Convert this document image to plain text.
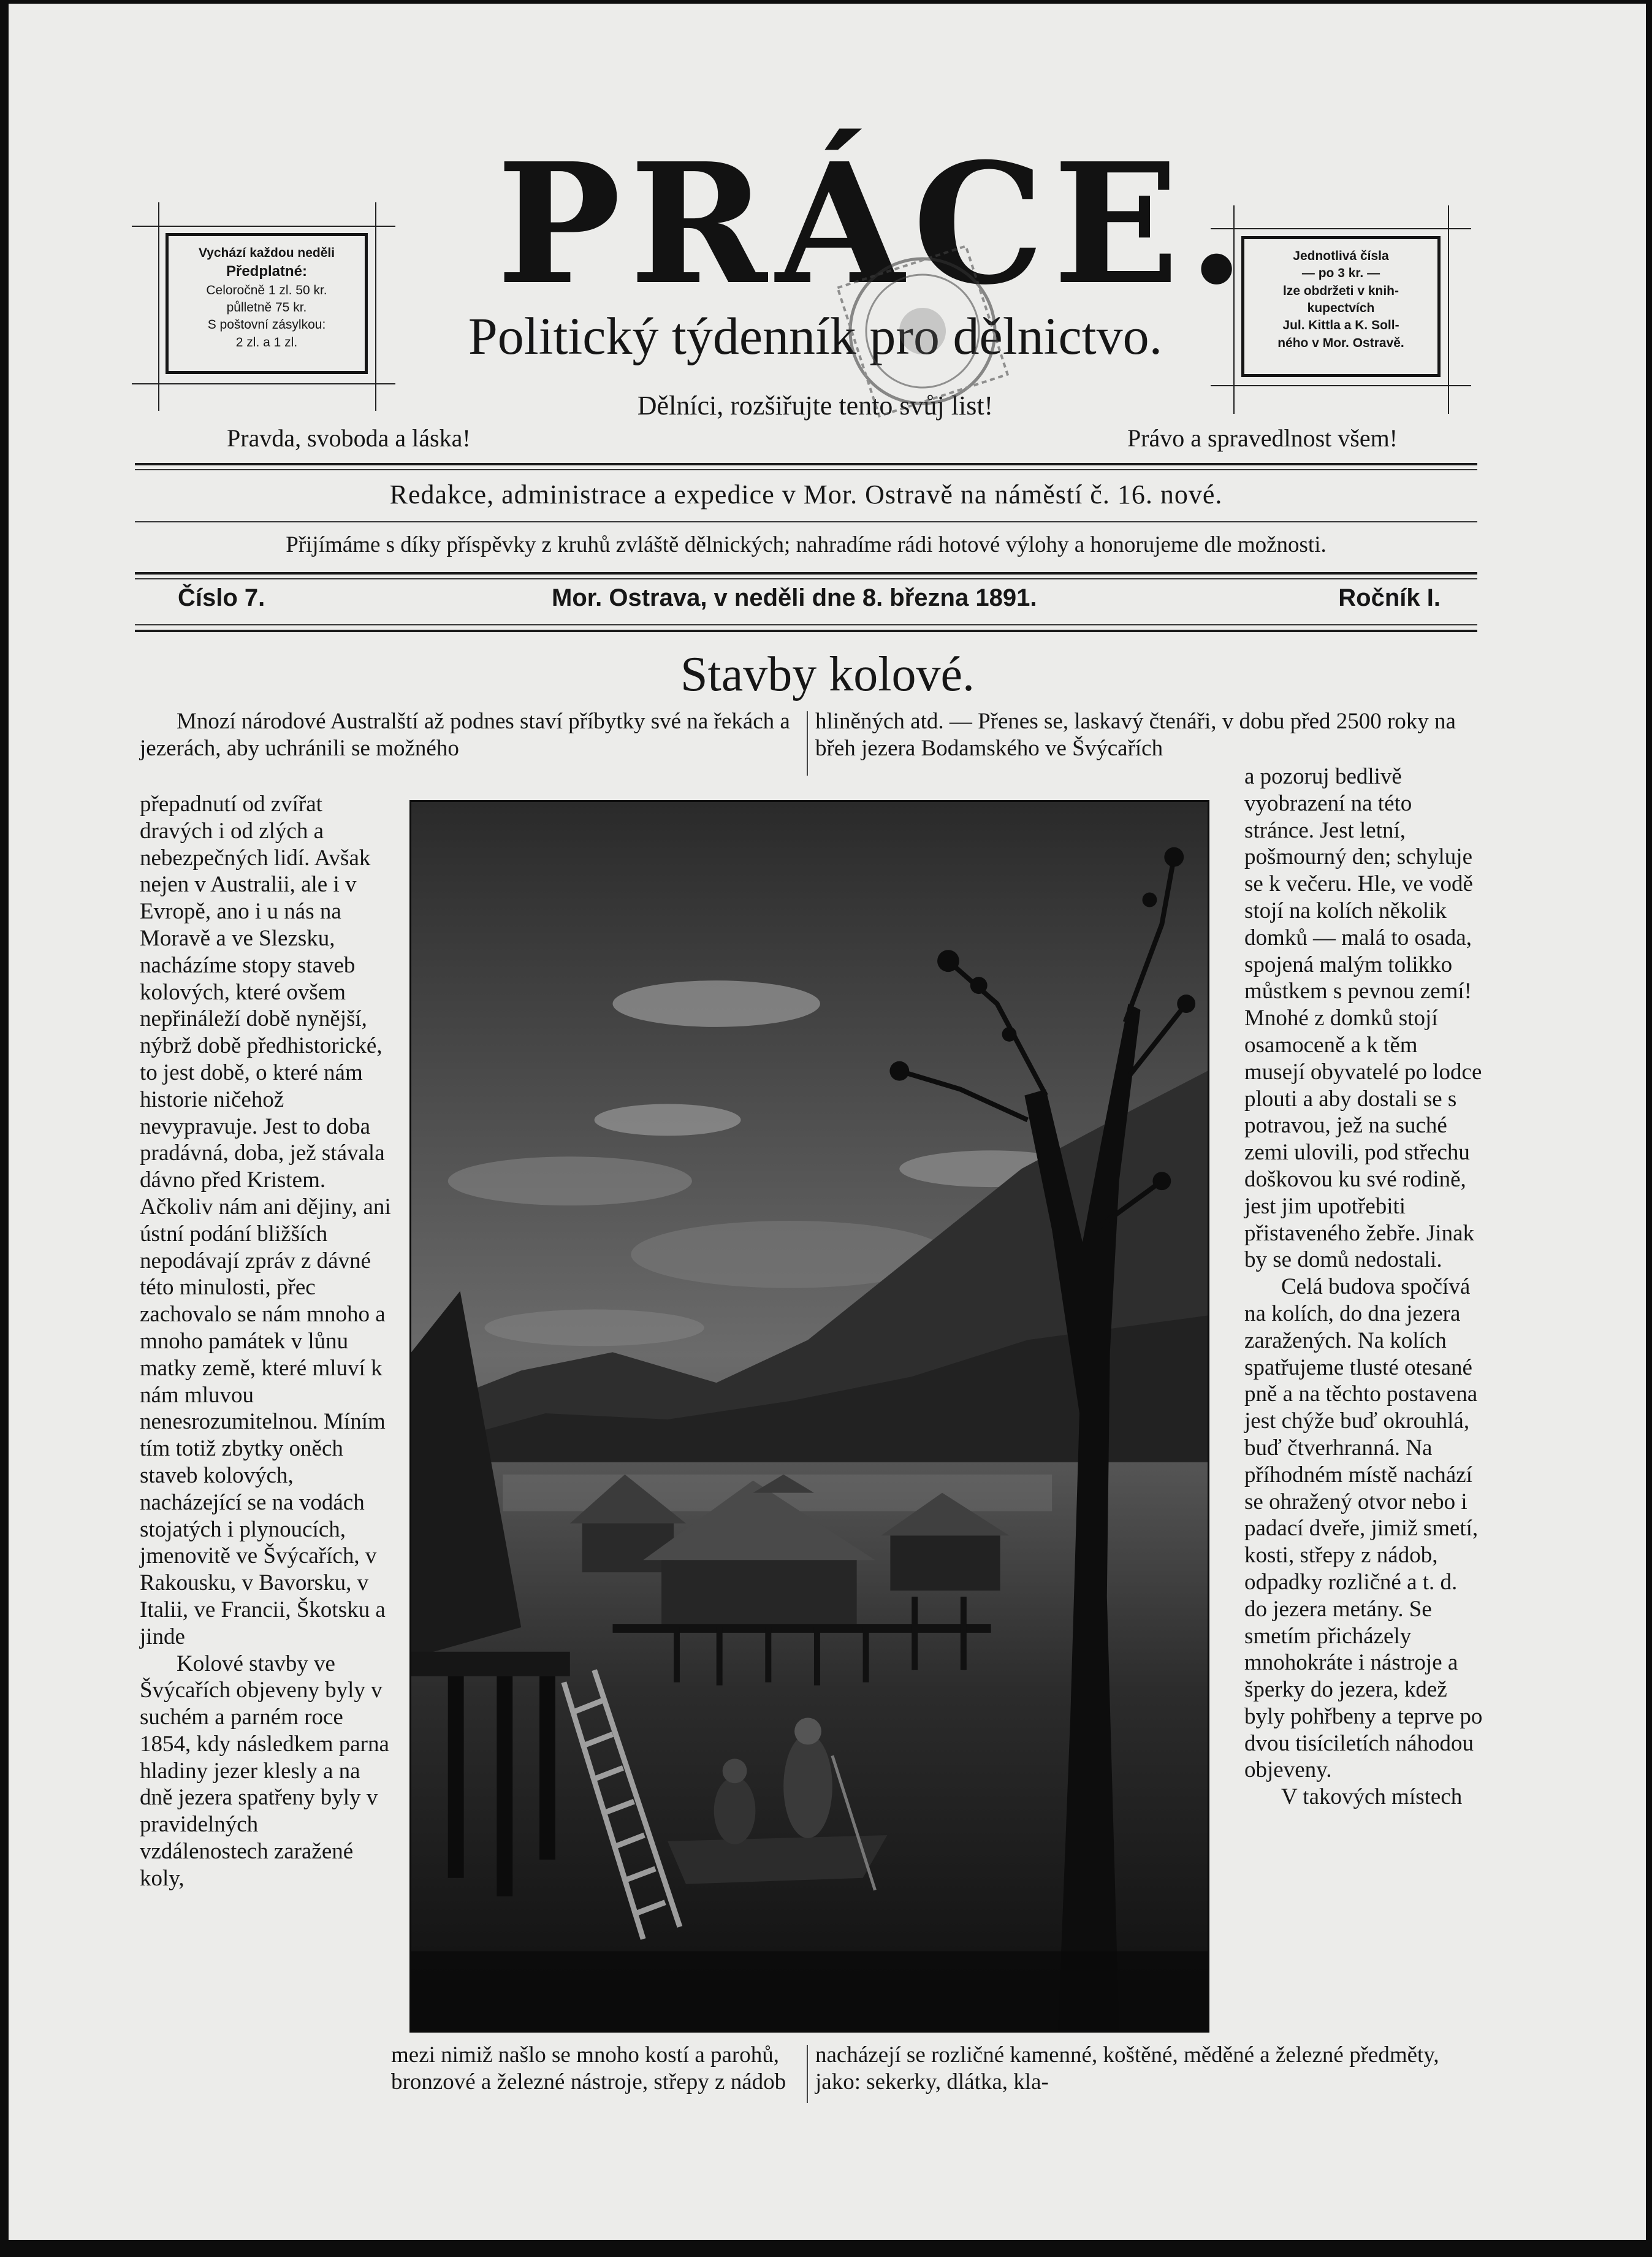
PRÁCE.
Politický týdenník pro dělnictvo.
Dělníci, rozšiřujte tento svůj list!
Pravda, svoboda a láska!	Právo a spravedlnost všem!
Vychází každou neděli
Předplatné:
Celoročně 1 zl. 50 kr.
půlletně 75 kr.
S poštovní zásylkou:
2 zl. a 1 zl.
Jednotlivá čísla
— po 3 kr. —
lze obdržeti v knih-
kupectvích
Jul. Kittla a K. Soll-
ného v Mor. Ostravě.
Redakce, administrace a expedice v Mor. Ostravě na náměstí č. 16. nové.
Přijímáme s díky příspěvky z kruhů zvláště dělnických; nahradíme rádi hotové výlohy a honorujeme dle možnosti.
Číslo 7.	Mor. Ostrava, v neděli dne 8. března 1891.	Ročník I.
Stavby kolové.

Mnozí národové Australští až podnes staví příbytky své na řekách a jezerách, aby uchránili se možného

hliněných atd. — Přenes se, laskavý čtenáři, v dobu před 2500 roky na břeh jezera Bodamského ve Švýcařích

přepadnutí od zvířat dravých i od zlých a nebezpečných lidí. Avšak nejen v Australii, ale i v Evropě, ano i u nás na Moravě a ve Slezsku, nacházíme stopy staveb kolových, které ovšem nepřináleží době nynější, nýbrž době předhistorické, to jest době, o které nám historie ničehož nevypravuje. Jest to doba pradávná, doba, jež stávala dávno před Kristem. Ačkoliv nám ani dějiny, ani ústní podání bližších nepodávají zpráv z dávné této minulosti, přec zachovalo se nám mnoho a mnoho památek v lůnu matky země, které mluví k nám mluvou nenesrozumitelnou. Míním tím totiž zbytky oněch staveb kolových, nacházející se na vodách stojatých i plynoucích, jmenovitě ve Švýcařích, v Rakousku, v Bavorsku, v Italii, ve Francii, Škotsku a jinde

Kolové stavby ve Švýcařích objeveny byly v suchém a parném roce 1854, kdy následkem parna hladiny jezer klesly a na dně jezera spatřeny byly v pravidelných vzdálenostech zaražené koly,

a pozoruj bedlivě vyobrazení na této stránce. Jest letní, pošmourný den; schyluje se k večeru. Hle, ve vodě stojí na kolích několik domků — malá to osada, spojená malým tolikko můstkem s pevnou zemí! Mnohé z domků stojí osamoceně a k těm musejí obyvatelé po lodce plouti a aby dostali se s potravou, jež na suché zemi ulovili, pod střechu doškovou ku své rodině, jest jim upotřebiti přistaveného žebře. Jinak by se domů nedostali.

Celá budova spočívá na kolích, do dna jezera zaražených. Na kolích spatřujeme tlusté otesané pně a na těchto postavena jest chýže buď okrouhlá, buď čtverhranná. Na příhodném místě nachází se ohražený otvor nebo i padací dveře, jimiž smetí, kosti, střepy z nádob, odpadky rozličné a t. d. do jezera metány. Se smetím přicházely mnohokráte i nástroje a šperky do jezera, kdež byly pohřbeny a teprve po dvou tisíciletích náhodou objeveny.

V takových místech

mezi nimiž našlo se mnoho kostí a parohů, bronzové a železné nástroje, střepy z nádob

nacházejí se rozličné kamenné, koštěné, měděné a železné předměty, jako: sekerky, dlátka, kla-
